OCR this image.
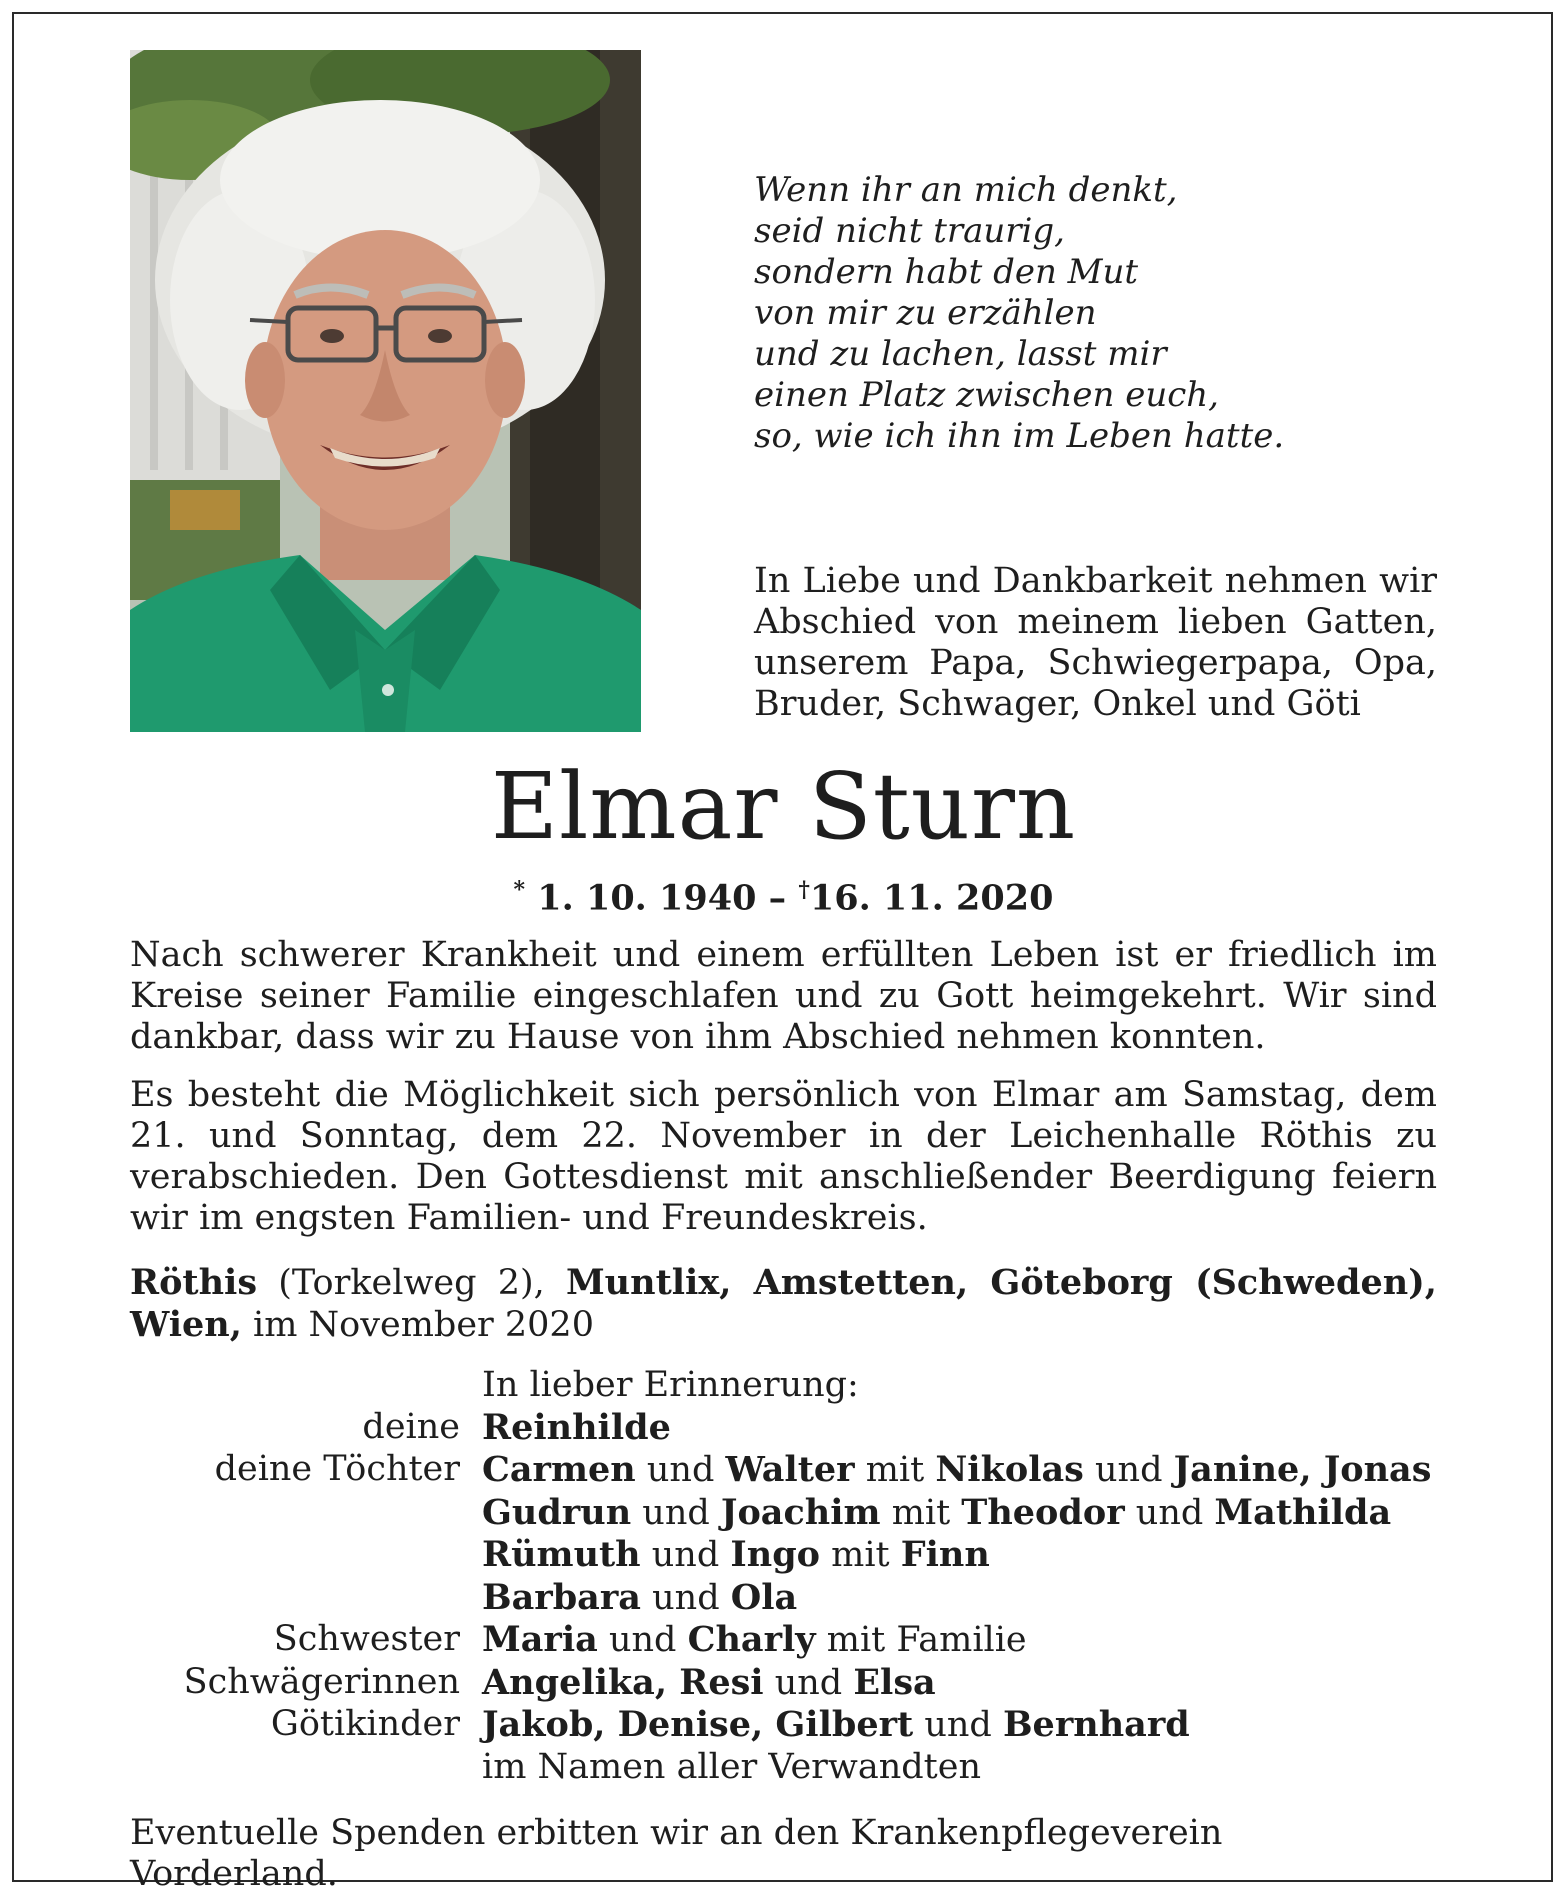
Wenn ihr an mich denkt,
seid nicht traurig,
sondern habt den Mut
von mir zu erzählen
und zu lachen, lasst mir
einen Platz zwischen euch,
so, wie ich ihn im Leben hatte.
In Liebe und Dankbarkeit nehmen wir Abschied von meinem lieben Gatten, unserem Papa, Schwiegerpapa, Opa, Bruder, Schwager, Onkel und Göti
Elmar Sturn
* 1. 10. 1940 – †16. 11. 2020
Nach schwerer Krankheit und einem erfüllten Leben ist er friedlich im Kreise seiner Familie eingeschlafen und zu Gott heimgekehrt. Wir sind dankbar, dass wir zu Hause von ihm Abschied nehmen konnten.
Es besteht die Möglichkeit sich persönlich von Elmar am Samstag, dem 21. und Sonntag, dem 22. November in der Leichenhalle Röthis zu verabschieden. Den Gottesdienst mit anschließender Beerdigung feiern wir im engsten Familien- und Freundeskreis.
Röthis (Torkelweg 2), Muntlix, Amstetten, Göteborg (Schweden), Wien, im November 2020
In lieber Erinnerung:
deine Reinhilde
deine Töchter Carmen und Walter mit Nikolas und Janine, Jonas
Gudrun und Joachim mit Theodor und Mathilda
Rümuth und Ingo mit Finn
Barbara und Ola
Schwester Maria und Charly mit Familie
Schwägerinnen Angelika, Resi und Elsa
Götikinder Jakob, Denise, Gilbert und Bernhard
im Namen aller Verwandten
Eventuelle Spenden erbitten wir an den Krankenpflegeverein Vorderland.
